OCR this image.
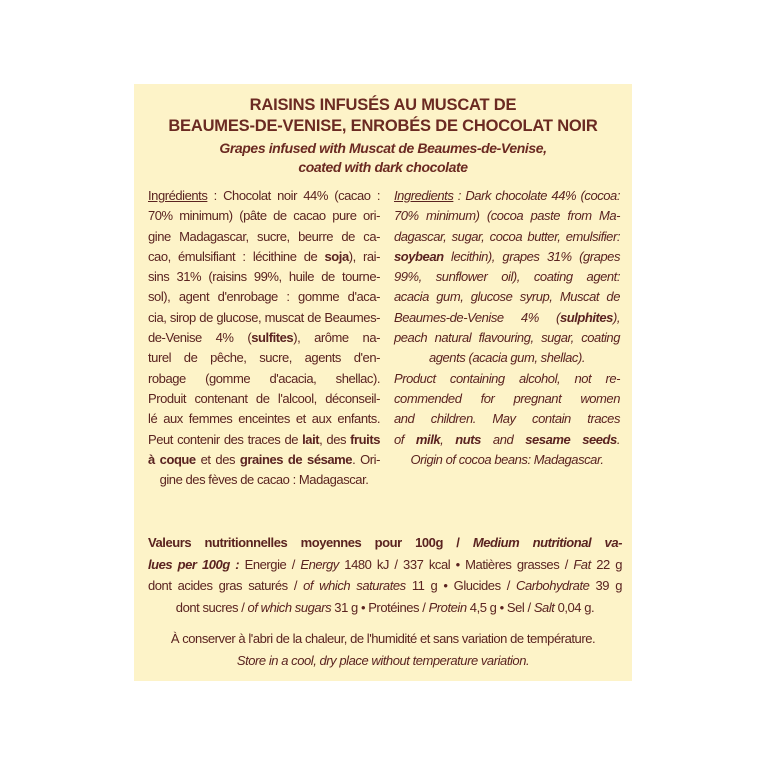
RAISINS INFUSÉS AU MUSCAT DE
BEAUMES-DE-VENISE, ENROBÉS DE CHOCOLAT NOIR
Grapes infused with Muscat de Beaumes-de-Venise,
coated with dark chocolate
Ingrédients : Chocolat noir 44% (cacao :
70% minimum) (pâte de cacao pure ori-
gine Madagascar, sucre, beurre de ca-
cao, émulsifiant : lécithine de soja), rai-
sins 31% (raisins 99%, huile de tourne-
sol), agent d'enrobage : gomme d'aca-
cia, sirop de glucose, muscat de Beaumes-
de-Venise 4% (sulfites), arôme na-
turel de pêche, sucre, agents d'en-
robage (gomme d'acacia, shellac).
Produit contenant de l'alcool, déconseil-
lé aux femmes enceintes et aux enfants.
Peut contenir des traces de lait, des fruits
à coque et des graines de sésame. Ori-
gine des fèves de cacao : Madagascar.
Ingredients : Dark chocolate 44% (cocoa:
70% minimum) (cocoa paste from Ma-
dagascar, sugar, cocoa butter, emulsifier:
soybean lecithin), grapes 31% (grapes
99%, sunflower oil), coating agent:
acacia gum, glucose syrup, Muscat de
Beaumes-de-Venise 4% (sulphites),
peach natural flavouring, sugar, coating
agents (acacia gum, shellac).
Product containing alcohol, not re-
commended for pregnant women
and children. May contain traces
of milk, nuts and sesame seeds.
Origin of cocoa beans: Madagascar.
Valeurs nutritionnelles moyennes pour 100g / Medium nutritional va-
lues per 100g : Energie / Energy 1480 kJ / 337 kcal • Matières grasses / Fat 22 g
dont acides gras saturés / of which saturates 11 g • Glucides / Carbohydrate 39 g
dont sucres / of which sugars 31 g • Protéines / Protein 4,5 g • Sel / Salt 0,04 g.
À conserver à l'abri de la chaleur, de l'humidité et sans variation de température.
Store in a cool, dry place without temperature variation.
